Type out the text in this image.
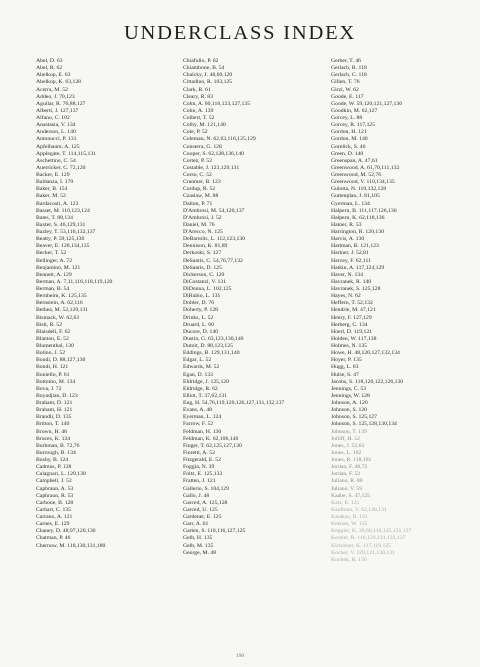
UNDERCLASS INDEX
Abel, D. 63
Abel, R. 62
Abelkop, E. 63
Abelkop, K. 63,128
Acerra, M. 52
Addeo, J. 70,123
Aguilar, R. 76,88,127
Alberti, J. 127,137
Alfano, C. 102
Anastasia, V. 134
Anderson, L. 140
Antonucci, P. 131
Apfelbaum, A. 125
Applegate, T. 114,115,131
Aschettino, C. 54
Auerricker, C. 72,120
Backer, E. 129
Baldanza, I. 170
Baker, B. 154
Baker, M. 52
Bardacosti, A. 123
Basset, M. 110,123,124
Bates, T. 88,134
Baxter, S. 46,129,131
Bazley, T. 53,116,132,137
Beatty, P. 59,125,130
Beaver, E. 128,134,135
Becker, T. 52
Bellinger, A. 72
Benjamino, M. 121
Bennett, A. 129
Berman, A. 7,11,116,118,119,120
Berman, B. 54
Bernheim, K. 125,135
Bernstein, A. 62,116
Bethea, M. 52,120,131
Bismack, W. 62,63
Bisti, R. 52
Blaisdell, F. 62
Blanton, E. 52
Blumenthal, 130
Bolino, J. 52
Bondi, D. 88,127,130
Bondi, H. 121
Boniello, P. 61
Bottomo, M. 134
Bova, J. 72
Boyadjian, D. 123
Braham, D. 121
Braham, H. 121
Brandli, D. 135
Britton, T. 140
Brown, H. 48
Bruces, K. 134
Burhman, B. 72,76
Burrough, B. 134
Busby, B. 124
Cadmus, P. 128
Calagnari, L. 120,130
Campbell, J. 52
Caphraun, A. 53
Caphraun, R. 53
Carbone, B. 128
Carhart, C. 135
Carrano, A. 121
Carnes, E. 129
Chaney, D. 48,97,120,130
Chatman, P. 46
Chernow, M. 118,130,131,180
Chiafullo, P. 62
Chiambone, B. 54
Chalcky, J. 48,60,120
Cittadino, R. 103,125
Clark, R. 61
Cleary, R. 83
Cohn, A. 60,116,123,127,135
Cohn, A. 139
Colbert, T. 52
Colby, M. 121,140
Cole, P. 52
Coleman, N. 62,63,116,125,129
Conserra, G. 128
Cooper, S. 62,128,136,140
Cortez, P. 52
Costable, J. 123,129,131
Corso, C. 52
Cranmer, B. 123
Curdup, R. 52
Czaslaw, M. 88
Dalton, P. 71
D'Ambrosi, M. 54,120,137
D'Ambrosi, J. 52
Daniel, M. 76
D'Arecco, N. 125
DeBartolis, L. 112,123,130
Dennison, K. 81,89
Derkoski, S. 127
DeSantis, C. 54,76,77,132
DeSantis, D. 125
Dickerson, C. 120
DiCostanzi, V. 131
DiDonna, L. 102,125
DiRubio, L. 131
Dobler, D. 76
Doherty, P. 128
Drinks, L. 52
Druard, L. 60
Ducore, D. 140
Dustin, G. 63,123,130,140
Dutoit, D. 88,123,125
Eddings, B. 129,131,140
Edgar, L. 52
Edwards, M. 52
Egan, D. 133
Eldridge, J. 125,120
Eldridge, R. 62
Elliot, T. 37,62,131
Eng, H. 54,76,119,120,126,127,131,132,137
Evans, A. 48
Eyerman, L. 124
Farrow, F. 52
Feldman, H. 130
Feldman, K. 62,106,140
Finger, T. 62,125,127,130
Fioretti, A. 52
Fitzgerald, E. 52
Foggia, N. 39
Foltz, E. 125,133
Fratten, J. 121
Gallerio, S. 104,129
Gallo, J. 48
Garced, A. 125,128
Garced, U. 125
Gardener, E. 125
Garr, A. 61
Garten, S. 110,116,127,125
Gelb, H. 135
Gelb, M. 135
George, M. 48
Gerber, T. 46
Gerlach, R. 118
Gerlach, C. 118
Gillen, T. 76
Girzi, W. 62
Goode, E. 117
Goode, W. 59,120,121,127,136
Goodkin, M. 62,127
Gorcey, L. 88
Gorcey, R. 117,125
Gordon, H. 121
Gordon, M. 140
Gorelick, S. 46
Green, D. 140
Greenspan, A. 47,61
Greenwood, A. 61,70,111,132
Greenwood, M. 52,76
Greenwood, V. 110,134,135
Gulotta, N. 110,132,128
Guttenplan, J. 81,105
Gyerman, L. 134
Halpern, B. 111,117,126,136
Halpern, K. 62,118,136
Hamer, R. 53
Harrington, R. 120,130
Harvis, A. 130
Hartman, B. 121,123
Hartner, J. 52,81
Harvey, F. 62,111
Hatkin, A. 117,124,129
Haver, N. 134
Havranek, R. 140
Havranek, S. 125,128
Hayes, N. 62
Heffern, T. 52,132
Hendrie, M. 47,121
Henry, F. 127,129
Herberg, C. 134
Hoerl, D. 119,121
Holden, W. 117,138
Holmes, N. 135
Howe, H. 48,120,127,132,134
Hoyer, P. 135
Hugg, L. 63
Hulse, S. 47
Jacobs, S. 118,120,122,126,130
Jennings, C. 53
Jennings, W. 128
Johnson, A. 120
Johnson, S. 120
Johnson, S. 125,127
Johnson, S. 125,128,130,134
Johnson, T. 139
Jolliff, H. 52
Jones, J. 52,63
Jones, L. 102
Jones, R. 118,181
Jordan, F. 48,72
Jordan, F. 52
Juliano, R. 80
Juliano, V. 59
Kaabe, S. 47,125
Katz, E. 121
Kaufman, V. 62,140,131
Karakas, R. 131
Keenan, W. 135
Keppler, K. 36,60,116,125,131,137
Kessler, R. 116,120,131,132,137
Kirschner, K. 117,118,125
Kocher, V. 120,121,130,131
Kuchek, R. 136
190
